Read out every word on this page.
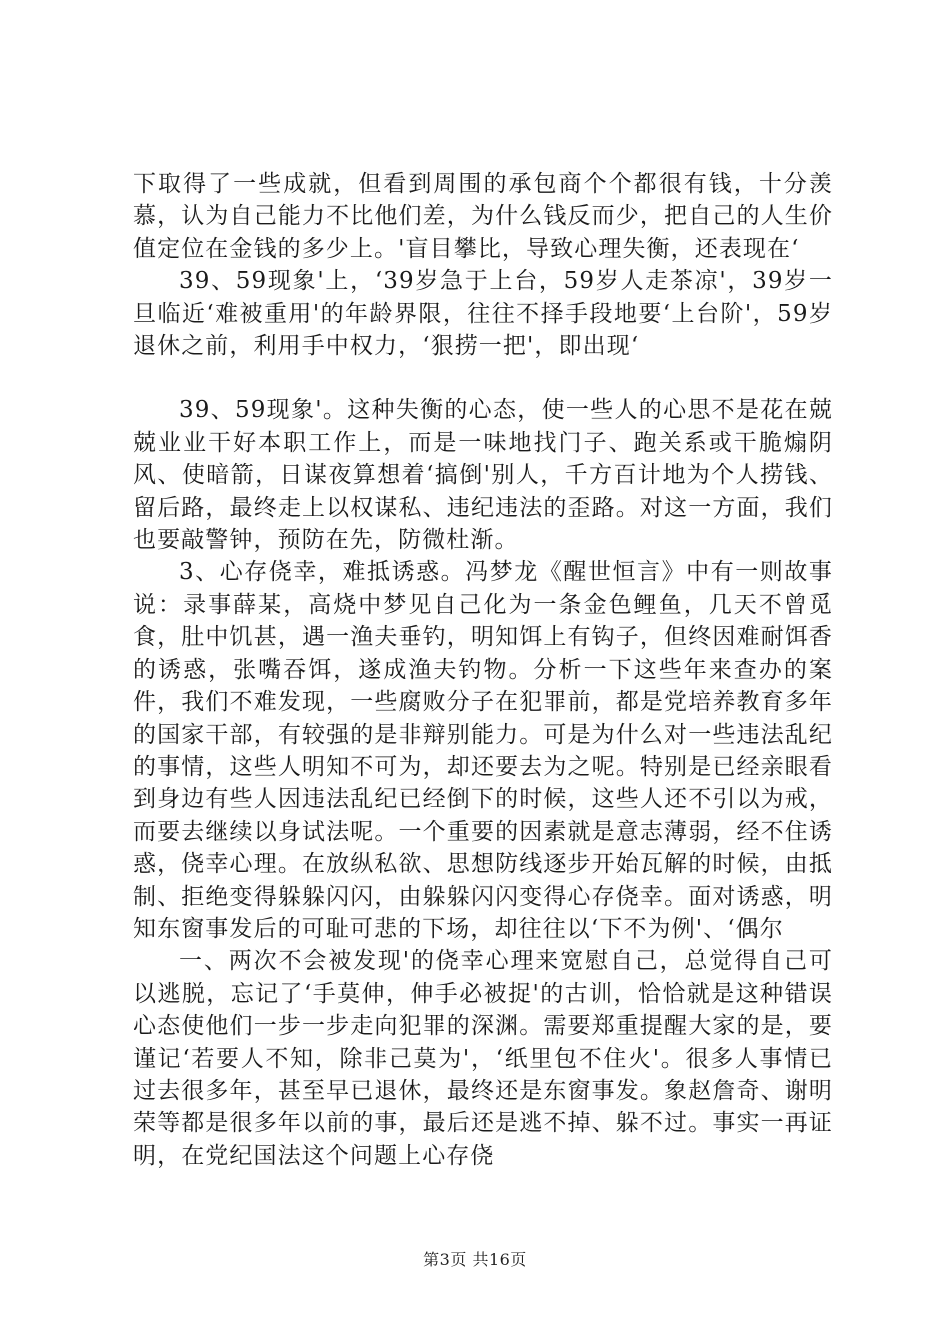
下取得了一些成就，但看到周围的承包商个个都很有钱，十分羡慕，认为自己能力不比他们差，为什么钱反而少，把自己的人生价值定位在金钱的多少上。'盲目攀比，导致心理失衡，还表现在‘

39、59现象'上，‘39岁急于上台，59岁人走茶凉'，39岁一旦临近‘难被重用'的年龄界限，往往不择手段地要‘上台阶'，59岁退休之前，利用手中权力，‘狠捞一把'，即出现‘

39、59现象'。这种失衡的心态，使一些人的心思不是花在兢兢业业干好本职工作上，而是一味地找门子、跑关系或干脆煽阴风、使暗箭，日谋夜算想着‘搞倒'别人，千方百计地为个人捞钱、留后路，最终走上以权谋私、违纪违法的歪路。对这一方面，我们也要敲警钟，预防在先，防微杜渐。

3、心存侥幸，难抵诱惑。冯梦龙《醒世恒言》中有一则故事说：录事薛某，高烧中梦见自己化为一条金色鲤鱼，几天不曾觅食，肚中饥甚，遇一渔夫垂钓，明知饵上有钩子，但终因难耐饵香的诱惑，张嘴吞饵，遂成渔夫钓物。分析一下这些年来查办的案件，我们不难发现，一些腐败分子在犯罪前，都是党培养教育多年的国家干部，有较强的是非辩别能力。可是为什么对一些违法乱纪的事情，这些人明知不可为，却还要去为之呢。特别是已经亲眼看到身边有些人因违法乱纪已经倒下的时候，这些人还不引以为戒，而要去继续以身试法呢。一个重要的因素就是意志薄弱，经不住诱惑，侥幸心理。在放纵私欲、思想防线逐步开始瓦解的时候，由抵制、拒绝变得躲躲闪闪，由躲躲闪闪变得心存侥幸。面对诱惑，明知东窗事发后的可耻可悲的下场，却往往以‘下不为例'、‘偶尔

一、两次不会被发现'的侥幸心理来宽慰自己，总觉得自己可以逃脱，忘记了‘手莫伸，伸手必被捉'的古训，恰恰就是这种错误心态使他们一步一步走向犯罪的深渊。需要郑重提醒大家的是，要谨记‘若要人不知，除非己莫为'，‘纸里包不住火'。很多人事情已过去很多年，甚至早已退休，最终还是东窗事发。象赵詹奇、谢明荣等都是很多年以前的事，最后还是逃不掉、躲不过。事实一再证明，在党纪国法这个问题上心存侥

第3页 共16页
